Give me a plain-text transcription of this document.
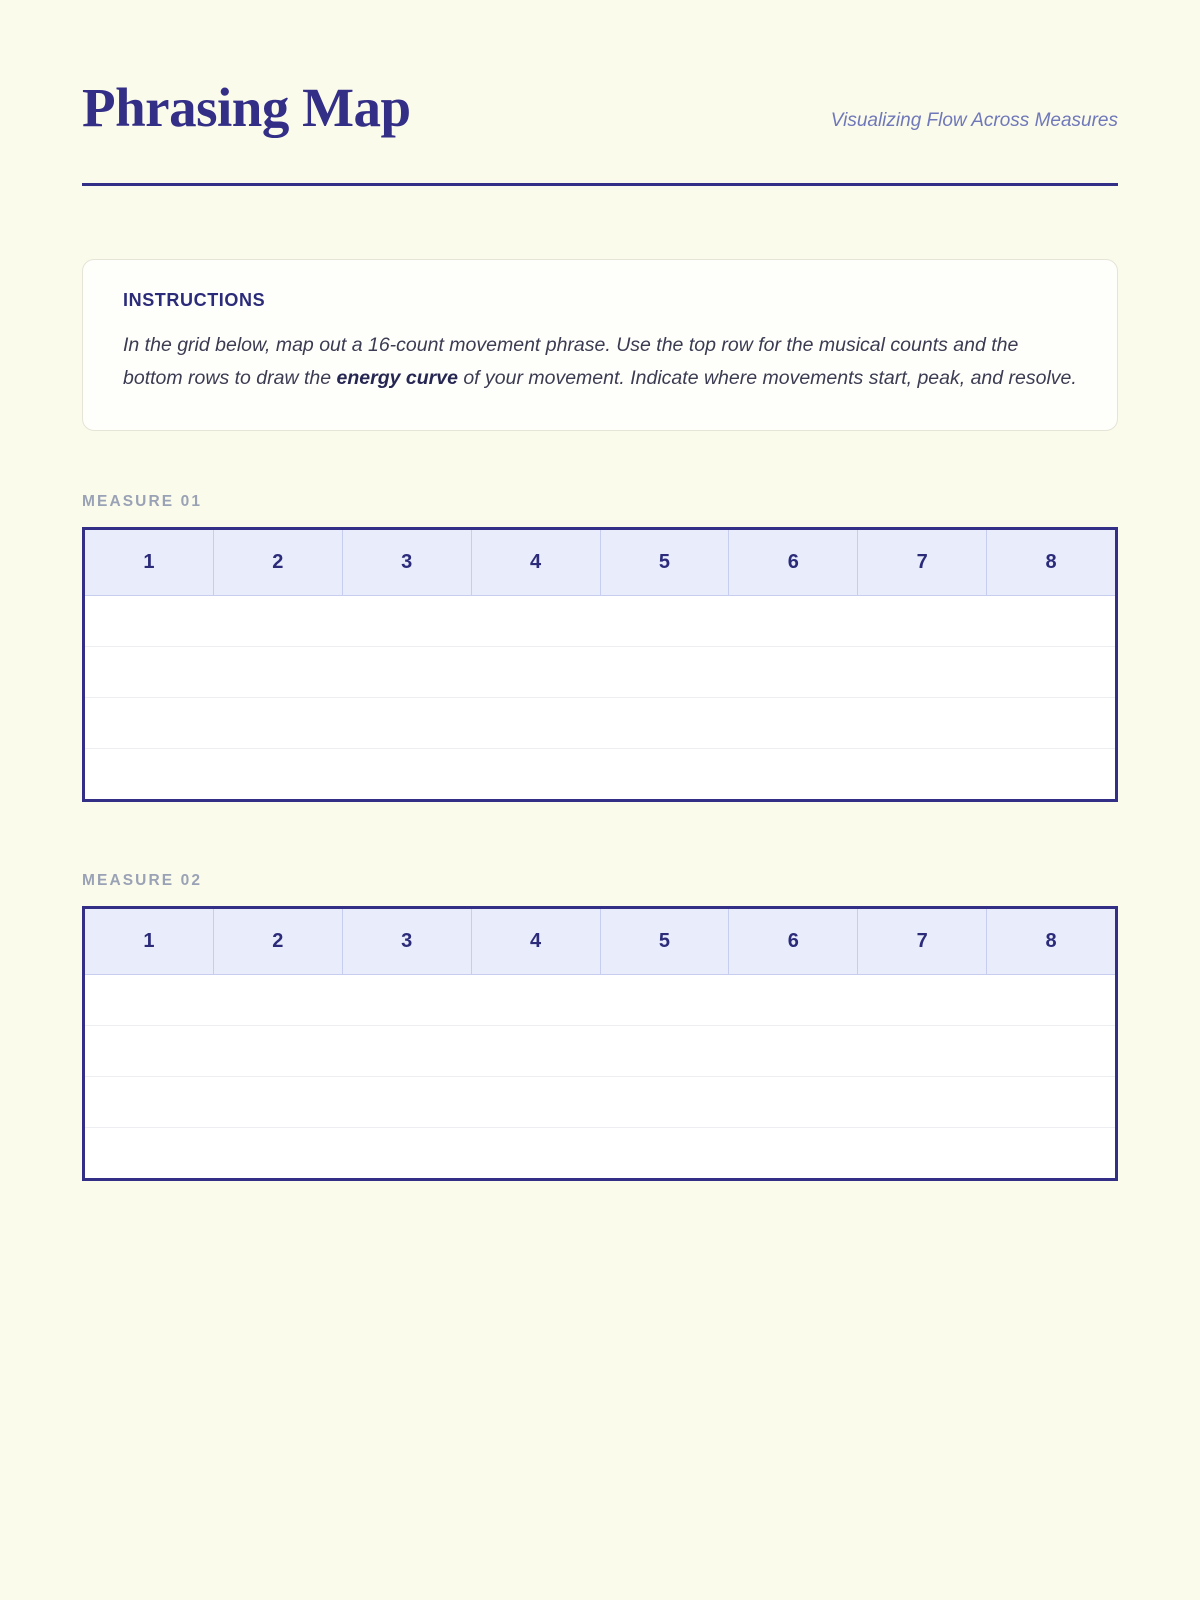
Phrasing Map	Visualizing Flow Across Measures
INSTRUCTIONS
In the grid below, map out a 16-count movement phrase. Use the top row for the musical counts and the bottom rows to draw the energy curve of your movement. Indicate where movements start, peak, and resolve.
MEASURE 01
1	2	3	4	5	6	7	8
MEASURE 02
1	2	3	4	5	6	7	8
